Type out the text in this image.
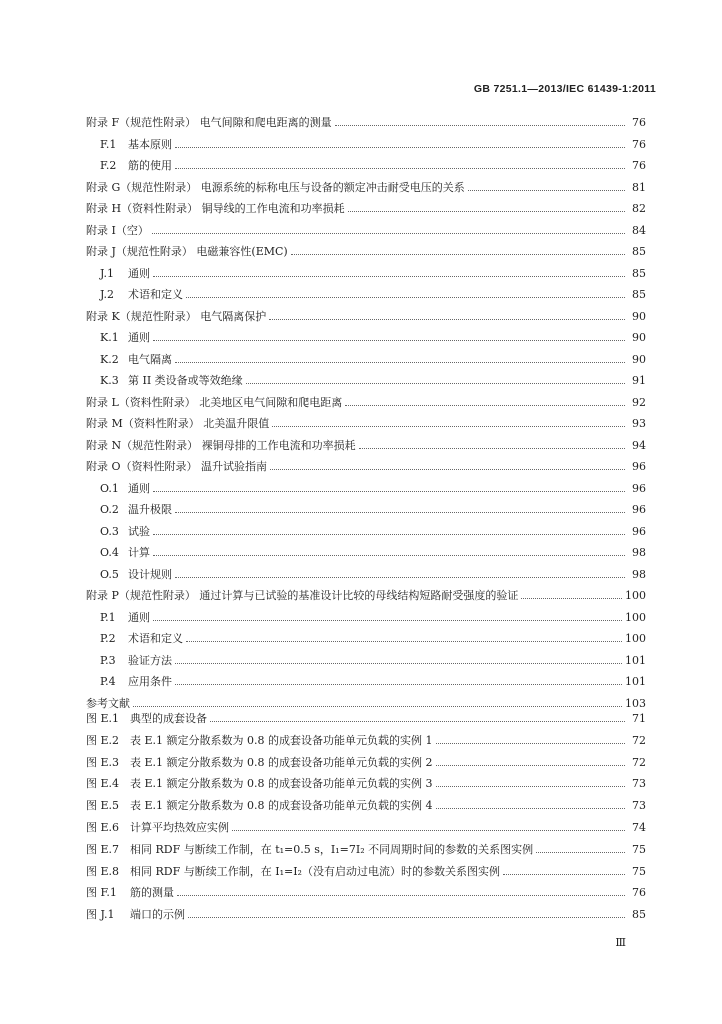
GB 7251.1—2013/IEC 61439-1:2011
附录 F（规范性附录） 电气间隙和爬电距离的测量	76
F.1	基本原则	76
F.2	筋的使用	76
附录 G（规范性附录） 电源系统的标称电压与设备的额定冲击耐受电压的关系	81
附录 H（资料性附录） 铜导线的工作电流和功率损耗	82
附录 I（空）	84
附录 J（规范性附录） 电磁兼容性(EMC)	85
J.1	通则	85
J.2	术语和定义	85
附录 K（规范性附录） 电气隔离保护	90
K.1 通则	90
K.2 电气隔离	90
K.3 第 II 类设备或等效绝缘	91
附录 L（资料性附录） 北美地区电气间隙和爬电距离	92
附录 M（资料性附录） 北美温升限值	93
附录 N（规范性附录） 裸铜母排的工作电流和功率损耗	94
附录 O（资料性附录） 温升试验指南	96
O.1 通则	96
O.2 温升极限	96
O.3 试验	96
O.4 计算	98
O.5 设计规则	98
附录 P（规范性附录） 通过计算与已试验的基准设计比较的母线结构短路耐受强度的验证	100
P.1	通则	100
P.2	术语和定义	100
P.3	验证方法	101
P.4	应用条件	101
参考文献	103
图 E.1 典型的成套设备	71
图 E.2 表 E.1 额定分散系数为 0.8 的成套设备功能单元负载的实例 1	72
图 E.3 表 E.1 额定分散系数为 0.8 的成套设备功能单元负载的实例 2	72
图 E.4 表 E.1 额定分散系数为 0.8 的成套设备功能单元负载的实例 3	73
图 E.5 表 E.1 额定分散系数为 0.8 的成套设备功能单元负载的实例 4	73
图 E.6 计算平均热效应实例	74
图 E.7 相同 RDF 与断续工作制，在 t₁=0.5 s，I₁=7I₂ 不同周期时间的参数的关系图实例	75
图 E.8 相同 RDF 与断续工作制，在 I₁=I₂（没有启动过电流）时的参数关系图实例	75
图 F.1	筋的测量	76
图 J.1	端口的示例	85
Ⅲ
